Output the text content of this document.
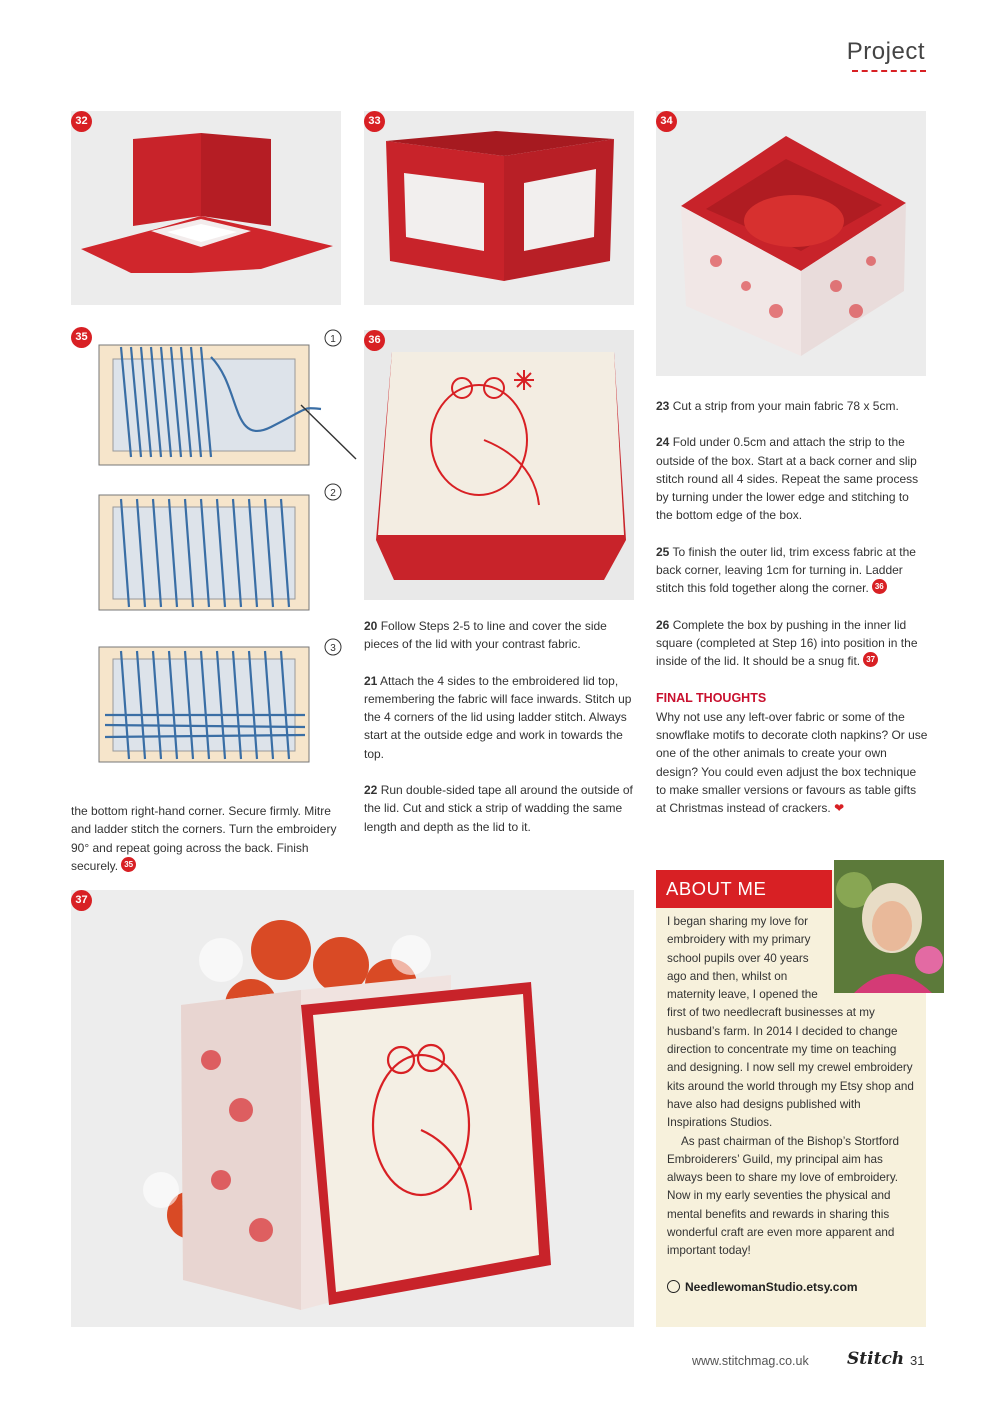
Project
32	33	34
1
2
3
35	36
the bottom right-hand corner. Secure firmly. Mitre and ladder stitch the corners. Turn the embroidery 90° and repeat going across the back. Finish securely. 35

20 Follow Steps 2-5 to line and cover the side pieces of the lid with your contrast fabric.

21 Attach the 4 sides to the embroidered lid top, remembering the fabric will face inwards. Stitch up the 4 corners of the lid using ladder stitch. Always start at the outside edge and work in towards the top.

22 Run double-sided tape all around the outside of the lid. Cut and stick a strip of wadding the same length and depth as the lid to it.

23 Cut a strip from your main fabric 78 x 5cm.

24 Fold under 0.5cm and attach the strip to the outside of the box. Start at a back corner and slip stitch round all 4 sides. Repeat the same process by turning under the lower edge and stitching to the bottom edge of the box.

25 To finish the outer lid, trim excess fabric at the back corner, leaving 1cm for turning in. Ladder stitch this fold together along the corner. 36

26 Complete the box by pushing in the inner lid square (completed at Step 16) into position in the inside of the lid. It should be a snug fit. 37

FINAL THOUGHTS
Why not use any left-over fabric or some of the snowflake motifs to decorate cloth napkins? Or use one of the other animals to create your own design? You could even adjust the box technique to make smaller versions or favours as table gifts at Christmas instead of crackers. ❤
37
ABOUT ME
I began sharing my love for embroidery with my primary school pupils over 40 years ago and then, whilst on maternity leave, I opened the first of two needlecraft businesses at my husband’s farm. In 2014 I decided to change direction to concentrate my time on teaching and designing. I now sell my crewel embroidery kits around the world through my Etsy shop and have also had designs published with Inspirations Studios.
As past chairman of the Bishop’s Stortford Embroiderers’ Guild, my principal aim has always been to share my love of embroidery. Now in my early seventies the physical and mental benefits and rewards in sharing this wonderful craft are even more apparent and important today!
NeedlewomanStudio.etsy.com
www.stitchmag.co.uk Stitch 31
